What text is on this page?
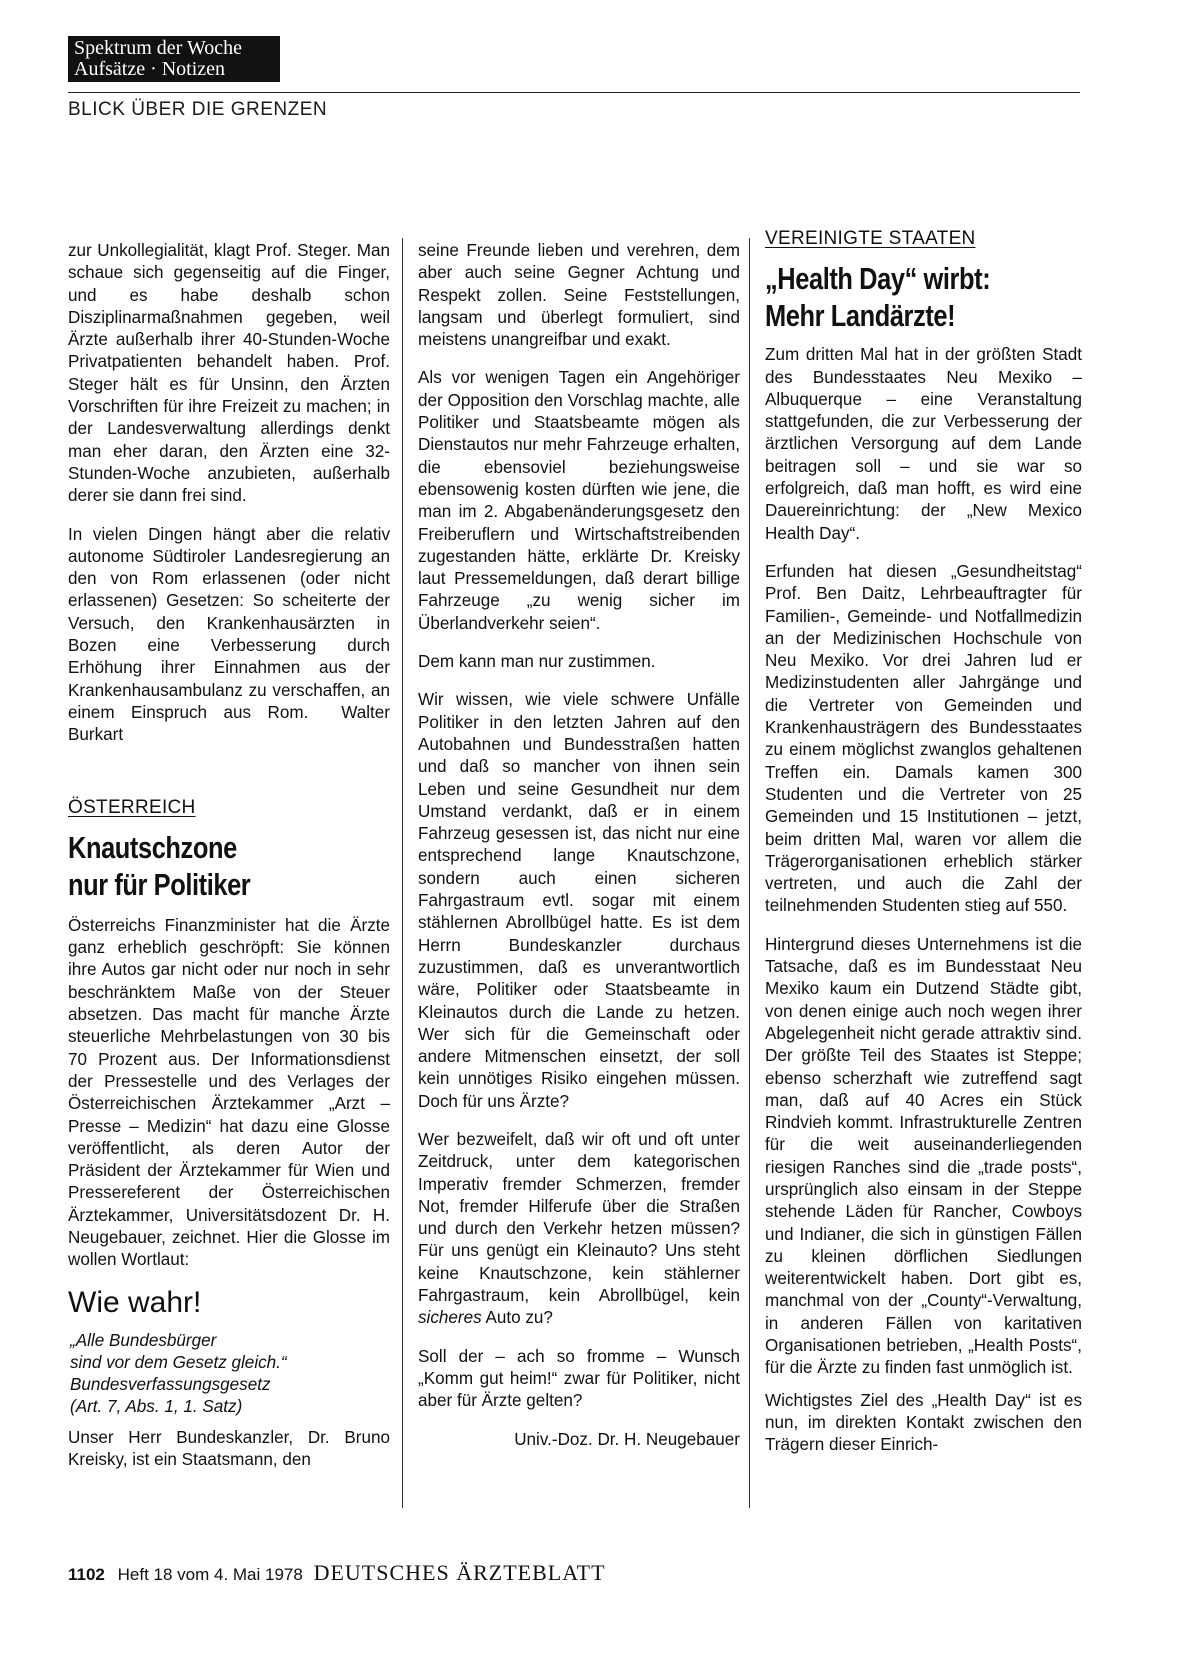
Spektrum der Woche
Aufsätze · Notizen
BLICK ÜBER DIE GRENZEN

zur Unkollegialität, klagt Prof. Steger. Man schaue sich gegenseitig auf die Finger, und es habe deshalb schon Disziplinarmaßnahmen gegeben, weil Ärzte außerhalb ihrer 40-Stunden-Woche Privatpatienten behandelt haben. Prof. Steger hält es für Unsinn, den Ärzten Vorschriften für ihre Freizeit zu machen; in der Landesverwaltung allerdings denkt man eher daran, den Ärzten eine 32-Stunden-Woche anzubieten, außerhalb derer sie dann frei sind.

In vielen Dingen hängt aber die relativ autonome Südtiroler Landesregierung an den von Rom erlassenen (oder nicht erlassenen) Gesetzen: So scheiterte der Versuch, den Krankenhausärzten in Bozen eine Verbesserung durch Erhöhung ihrer Einnahmen aus der Krankenhausambulanz zu verschaffen, an einem Einspruch aus Rom. Walter Burkart

ÖSTERREICH

Knautschzone
nur für Politiker

Österreichs Finanzminister hat die Ärzte ganz erheblich geschröpft: Sie können ihre Autos gar nicht oder nur noch in sehr beschränktem Maße von der Steuer absetzen. Das macht für manche Ärzte steuerliche Mehrbelastungen von 30 bis 70 Prozent aus. Der Informationsdienst der Pressestelle und des Verlages der Österreichischen Ärztekammer „Arzt – Presse – Medizin“ hat dazu eine Glosse veröffentlicht, als deren Autor der Präsident der Ärztekammer für Wien und Pressereferent der Österreichischen Ärztekammer, Universitätsdozent Dr. H. Neugebauer, zeichnet. Hier die Glosse im wollen Wortlaut:

Wie wahr!

„Alle Bundesbürger

sind vor dem Gesetz gleich.“

Bundesverfassungsgesetz

(Art. 7, Abs. 1, 1. Satz)

Unser Herr Bundeskanzler, Dr. Bruno Kreisky, ist ein Staatsmann, den

seine Freunde lieben und verehren, dem aber auch seine Gegner Achtung und Respekt zollen. Seine Feststellungen, langsam und überlegt formuliert, sind meistens unangreifbar und exakt.

Als vor wenigen Tagen ein Angehöriger der Opposition den Vorschlag machte, alle Politiker und Staatsbeamte mögen als Dienstautos nur mehr Fahrzeuge erhalten, die ebensoviel beziehungsweise ebensowenig kosten dürften wie jene, die man im 2. Abgabenänderungsgesetz den Freiberuflern und Wirtschaftstreibenden zugestanden hätte, erklärte Dr. Kreisky laut Pressemeldungen, daß derart billige Fahrzeuge „zu wenig sicher im Überlandverkehr seien“.

Dem kann man nur zustimmen.

Wir wissen, wie viele schwere Unfälle Politiker in den letzten Jahren auf den Autobahnen und Bundesstraßen hatten und daß so mancher von ihnen sein Leben und seine Gesundheit nur dem Umstand verdankt, daß er in einem Fahrzeug gesessen ist, das nicht nur eine entsprechend lange Knautschzone, sondern auch einen sicheren Fahrgastraum evtl. sogar mit einem stählernen Abrollbügel hatte. Es ist dem Herrn Bundeskanzler durchaus zuzustimmen, daß es unverantwortlich wäre, Politiker oder Staatsbeamte in Kleinautos durch die Lande zu hetzen. Wer sich für die Gemeinschaft oder andere Mitmenschen einsetzt, der soll kein unnötiges Risiko eingehen müssen. Doch für uns Ärzte?

Wer bezweifelt, daß wir oft und oft unter Zeitdruck, unter dem kategorischen Imperativ fremder Schmerzen, fremder Not, fremder Hilferufe über die Straßen und durch den Verkehr hetzen müssen? Für uns genügt ein Kleinauto? Uns steht keine Knautschzone, kein stählerner Fahrgastraum, kein Abrollbügel, kein sicheres Auto zu?

Soll der – ach so fromme – Wunsch „Komm gut heim!“ zwar für Politiker, nicht aber für Ärzte gelten?

Univ.-Doz. Dr. H. Neugebauer

VEREINIGTE STAATEN

„Health Day“ wirbt:
Mehr Landärzte!

Zum dritten Mal hat in der größten Stadt des Bundesstaates Neu Mexiko – Albuquerque – eine Veranstaltung stattgefunden, die zur Verbesserung der ärztlichen Versorgung auf dem Lande beitragen soll – und sie war so erfolgreich, daß man hofft, es wird eine Dauereinrichtung: der „New Mexico Health Day“.

Erfunden hat diesen „Gesundheitstag“ Prof. Ben Daitz, Lehrbeauftragter für Familien-, Gemeinde- und Notfallmedizin an der Medizinischen Hochschule von Neu Mexiko. Vor drei Jahren lud er Medizinstudenten aller Jahrgänge und die Vertreter von Gemeinden und Krankenhausträgern des Bundesstaates zu einem möglichst zwanglos gehaltenen Treffen ein. Damals kamen 300 Studenten und die Vertreter von 25 Gemeinden und 15 Institutionen – jetzt, beim dritten Mal, waren vor allem die Trägerorganisationen erheblich stärker vertreten, und auch die Zahl der teilnehmenden Studenten stieg auf 550.

Hintergrund dieses Unternehmens ist die Tatsache, daß es im Bundesstaat Neu Mexiko kaum ein Dutzend Städte gibt, von denen einige auch noch wegen ihrer Abgelegenheit nicht gerade attraktiv sind. Der größte Teil des Staates ist Steppe; ebenso scherzhaft wie zutreffend sagt man, daß auf 40 Acres ein Stück Rindvieh kommt. Infrastrukturelle Zentren für die weit auseinanderliegenden riesigen Ranches sind die „trade posts“, ursprünglich also einsam in der Steppe stehende Läden für Rancher, Cowboys und Indianer, die sich in günstigen Fällen zu kleinen dörflichen Siedlungen weiterentwickelt haben. Dort gibt es, manchmal von der „County“-Verwaltung, in anderen Fällen von karitativen Organisationen betrieben, „Health Posts“, für die Ärzte zu finden fast unmöglich ist.

Wichtigstes Ziel des „Health Day“ ist es nun, im direkten Kontakt zwischen den Trägern dieser Einrich-

1102 Heft 18 vom 4. Mai 1978 DEUTSCHES ÄRZTEBLATT
